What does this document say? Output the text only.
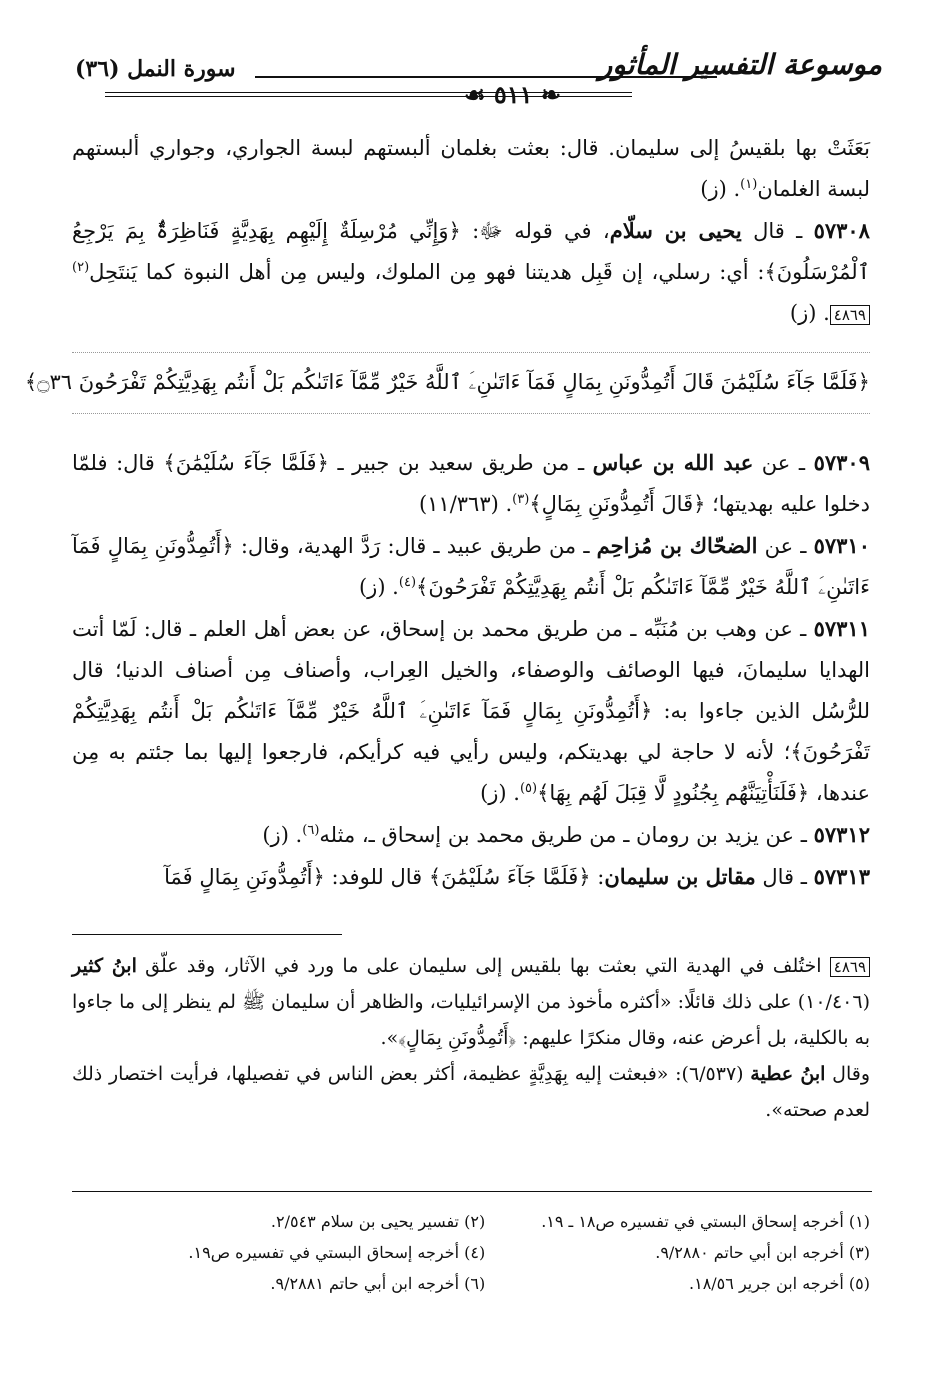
موسوعة التفسير المأثور
سورة النمل (٣٦)
❧ ٥١١ ☙

بَعَثَتْ بها بلقيسُ إلى سليمان. قال: بعثت بغلمان ألبستهم لبسة الجواري، وجواري ألبستهم لبسة الغلمان$^{(١)}$. (ز)

٥٧٣٠٨ ـ قال يحيى بن سلّام، في قوله ﷻ: ﴿وَإِنِّي مُرْسِلَةٌ إِلَيْهِم بِهَدِيَّةٍ فَنَاظِرَةٌۢ بِمَ يَرْجِعُ ٱلْمُرْسَلُونَ﴾: أي: رسلي، إن قَبِل هديتنا فهو مِن الملوك، وليس مِن أهل النبوة كما يَنتَحِل$^{(٢)}$٤٨٦٩. (ز)

﴿فَلَمَّا جَآءَ سُلَيْمَٰنَ قَالَ أَتُمِدُّونَنِ بِمَالٍ فَمَآ ءَاتَىٰنِۦَ ٱللَّهُ خَيْرٌ مِّمَّآ ءَاتَىٰكُم بَلْ أَنتُم بِهَدِيَّتِكُمْ تَفْرَحُونَ ۝٣٦﴾

٥٧٣٠٩ ـ عن عبد الله بن عباس ـ من طريق سعيد بن جبير ـ ﴿فَلَمَّا جَآءَ سُلَيْمَٰنَ﴾ قال: فلمّا دخلوا عليه بهديتها؛ ﴿قَالَ أَتُمِدُّونَنِ بِمَالٍ﴾$^{(٣)}$. (١١/٣٦٣)

٥٧٣١٠ ـ عن الضحّاك بن مُزاحِم ـ من طريق عبيد ـ قال: رَدَّ الهدية، وقال: ﴿أَتُمِدُّونَنِ بِمَالٍ فَمَآ ءَاتَىٰنِۦَ ٱللَّهُ خَيْرٌ مِّمَّآ ءَاتَىٰكُم بَلْ أَنتُم بِهَدِيَّتِكُمْ تَفْرَحُونَ﴾$^{(٤)}$. (ز)

٥٧٣١١ ـ عن وهب بن مُنَبِّه ـ من طريق محمد بن إسحاق، عن بعض أهل العلم ـ قال: لَمّا أتت الهدايا سليمانَ، فيها الوصائف والوصفاء، والخيل العِراب، وأصناف مِن أصناف الدنيا؛ قال للرُّسُل الذين جاءوا به: ﴿أَتُمِدُّونَنِ بِمَالٍ فَمَآ ءَاتَىٰنِۦَ ٱللَّهُ خَيْرٌ مِّمَّآ ءَاتَىٰكُم بَلْ أَنتُم بِهَدِيَّتِكُمْ تَفْرَحُونَ﴾؛ لأنه لا حاجة لي بهديتكم، وليس رأيي فيه كرأيكم، فارجعوا إليها بما جئتم به مِن عندها، ﴿فَلَنَأْتِيَنَّهُم بِجُنُودٍ لَّا قِبَلَ لَهُم بِهَا﴾$^{(٥)}$. (ز)

٥٧٣١٢ ـ عن يزيد بن رومان ـ من طريق محمد بن إسحاق ـ، مثله$^{(٦)}$. (ز)

٥٧٣١٣ ـ قال مقاتل بن سليمان: ﴿فَلَمَّا جَآءَ سُلَيْمَٰنَ﴾ قال للوفد: ﴿أَتُمِدُّونَنِ بِمَالٍ فَمَآ

٤٨٦٩ اختُلف في الهدية التي بعثت بها بلقيس إلى سليمان على ما ورد في الآثار، وقد علّق ابنُ كثير (١٠/٤٠٦) على ذلك قائلًا: «أكثره مأخوذ من الإسرائيليات، والظاهر أن سليمان ﷺ لم ينظر إلى ما جاءوا به بالكلية، بل أعرض عنه، وقال منكرًا عليهم: ﴿أَتُمِدُّونَنِ بِمَالٍ﴾».

وقال ابنُ عطية (٦/٥٣٧): «فبعثت إليه بِهَدِيَّةٍ عظيمة، أكثر بعض الناس في تفصيلها، فرأيت اختصار ذلك لعدم صحته».

(١) أخرجه إسحاق البستي في تفسيره ص١٨ ـ ١٩.
(٢) تفسير يحيى بن سلام ٢/٥٤٣.
(٣) أخرجه ابن أبي حاتم ٩/٢٨٨٠.
(٤) أخرجه إسحاق البستي في تفسيره ص١٩.
(٥) أخرجه ابن جرير ١٨/٥٦.
(٦) أخرجه ابن أبي حاتم ٩/٢٨٨١.
